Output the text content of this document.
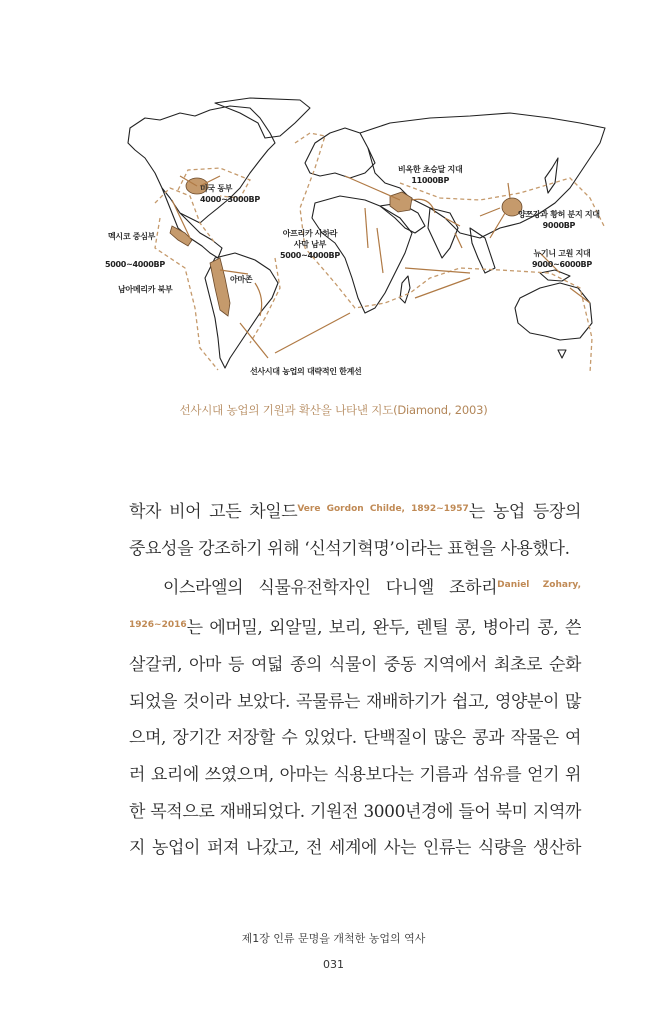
미국 동부
4000~3000BP
멕시코 중심부
5000~4000BP
남아메리카 북부
아마존
아프리카 사하라
사막 남부
5000~4000BP
비옥한 초승달 지대
11000BP
양쯔강과 황허 분지 지대
9000BP
뉴기니 고원 지대
9000~6000BP
선사시대 농업의 대략적인 한계선
선사시대 농업의 기원과 확산을 나타낸 지도(Diamond, 2003)

학자 비어 고든 차일드$^{Vere Gordon Childe, 1892\sim 1957}$는 농업 등장의

중요성을 강조하기 위해 ‘신석기혁명’이라는 표현을 사용했다.

이스라엘의 식물유전학자인 다니엘 조하리$^{Daniel Zohary,}$

$^{1926\sim 2016}$는 에머밀, 외알밀, 보리, 완두, 렌틸 콩, 병아리 콩, 쓴

살갈퀴, 아마 등 여덟 종의 식물이 중동 지역에서 최초로 순화

되었을 것이라 보았다. 곡물류는 재배하기가 쉽고, 영양분이 많

으며, 장기간 저장할 수 있었다. 단백질이 많은 콩과 작물은 여

러 요리에 쓰였으며, 아마는 식용보다는 기름과 섬유를 얻기 위

한 목적으로 재배되었다. 기원전 3000년경에 들어 북미 지역까

지 농업이 퍼져 나갔고, 전 세계에 사는 인류는 식량을 생산하

제1장 인류 문명을 개척한 농업의 역사
031
